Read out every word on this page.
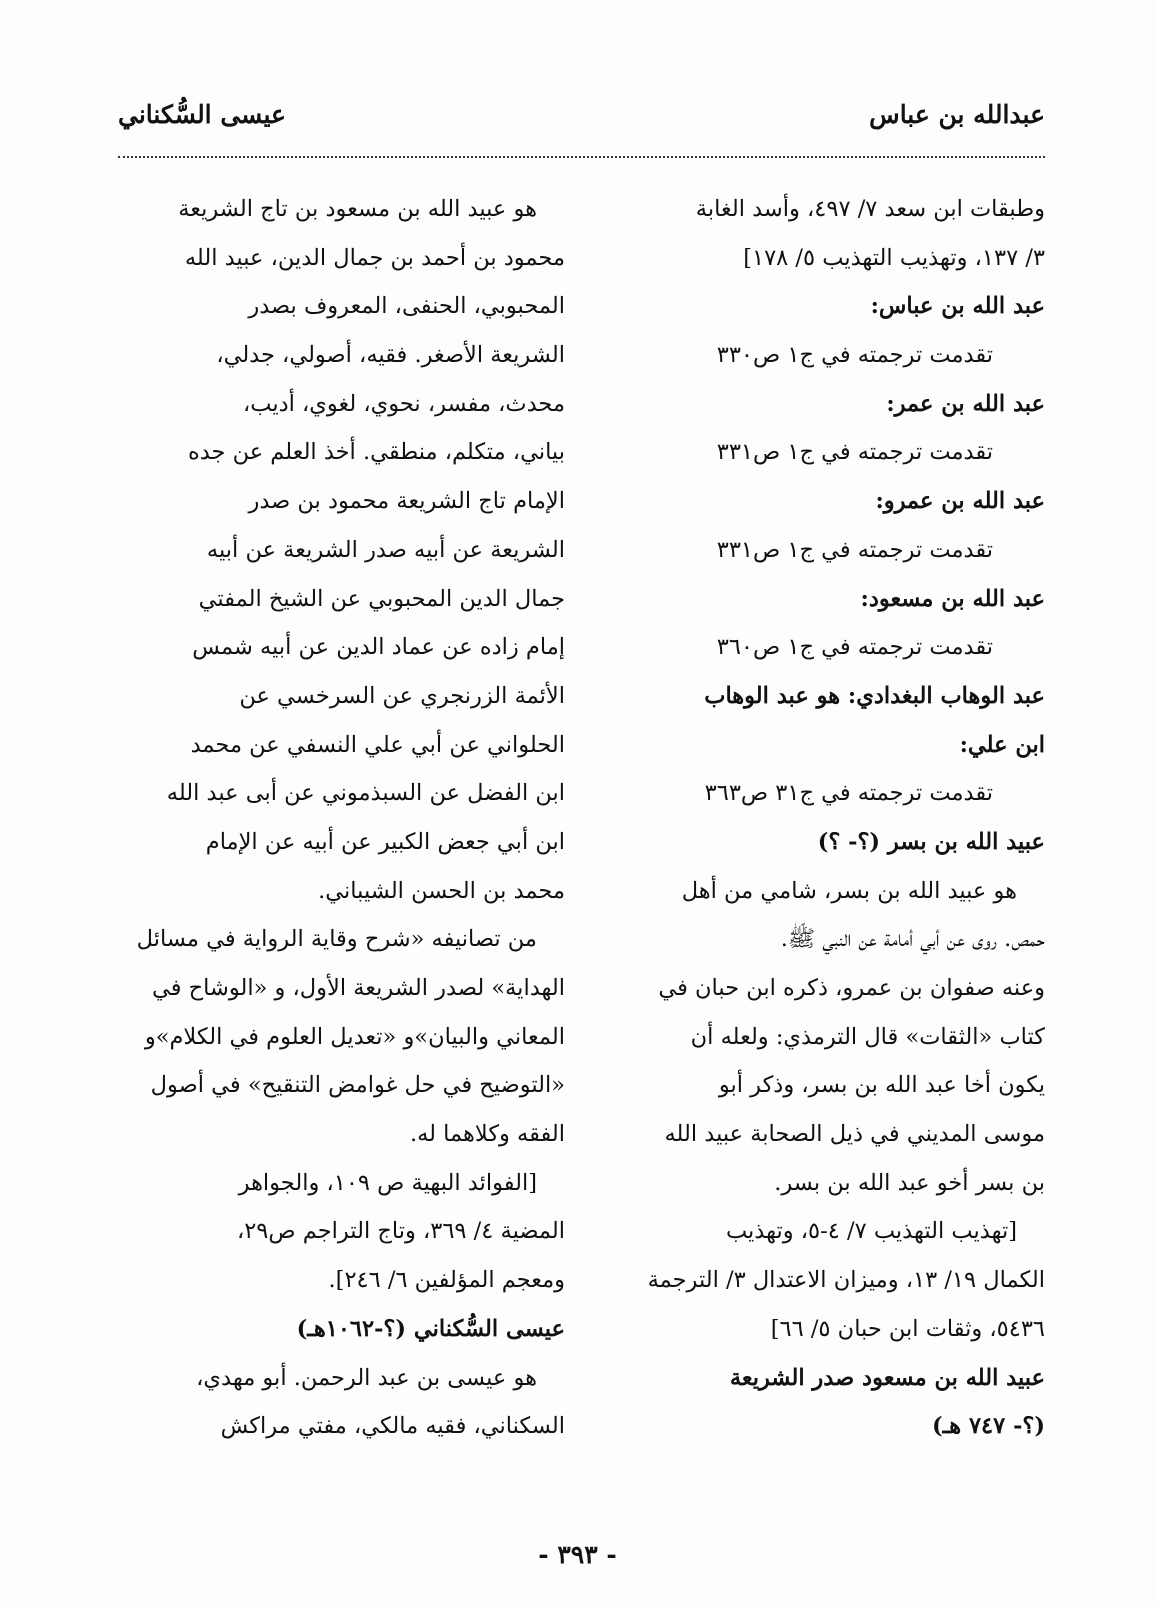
عبدالله بن عباس
عيسى السُّكناني
وطبقات ابن سعد ٧/ ٤٩٧، وأسد الغابة
٣/ ١٣٧، وتهذيب التهذيب ٥/ ١٧٨]
عبد الله بن عباس:
تقدمت ترجمته في ج١ ص٣٣٠
عبد الله بن عمر:
تقدمت ترجمته في ج١ ص٣٣١
عبد الله بن عمرو:
تقدمت ترجمته في ج١ ص٣٣١
عبد الله بن مسعود:
تقدمت ترجمته في ج١ ص٣٦٠
عبد الوهاب البغدادي: هو عبد الوهاب
ابن علي:
تقدمت ترجمته في ج٣١ ص٣٦٣
عبيد الله بن بسر (؟- ؟)
هو عبيد الله بن بسر، شامي من أهل
حمص. روى عن أبي أمامة عن النبي ﷺ.
وعنه صفوان بن عمرو، ذكره ابن حبان في
كتاب «الثقات» قال الترمذي: ولعله أن
يكون أخا عبد الله بن بسر، وذكر أبو
موسى المديني في ذيل الصحابة عبيد الله
بن بسر أخو عبد الله بن بسر.
[تهذيب التهذيب ٧/ ٤-٥، وتهذيب
الكمال ١٩/ ١٣، وميزان الاعتدال ٣/ الترجمة
٥٤٣٦، وثقات ابن حبان ٥/ ٦٦]
عبيد الله بن مسعود صدر الشريعة
(؟- ٧٤٧ هـ)
هو عبيد الله بن مسعود بن تاج الشريعة
محمود بن أحمد بن جمال الدين، عبيد الله
المحبوبي، الحنفى، المعروف بصدر
الشريعة الأصغر. فقيه، أصولي، جدلي،
محدث، مفسر، نحوي، لغوي، أديب،
بياني، متكلم، منطقي. أخذ العلم عن جده
الإمام تاج الشريعة محمود بن صدر
الشريعة عن أبيه صدر الشريعة عن أبيه
جمال الدين المحبوبي عن الشيخ المفتي
إمام زاده عن عماد الدين عن أبيه شمس
الأئمة الزرنجري عن السرخسي عن
الحلواني عن أبي علي النسفي عن محمد
ابن الفضل عن السبذموني عن أبى عبد الله
ابن أبي جعض الكبير عن أبيه عن الإمام
محمد بن الحسن الشيباني.
من تصانيفه «شرح وقاية الرواية في مسائل
الهداية» لصدر الشريعة الأول، و «الوشاح في
المعاني والبيان»و «تعديل العلوم في الكلام»و
«التوضيح في حل غوامض التنقيح» في أصول
الفقه وكلاهما له.
[الفوائد البهية ص ١٠٩، والجواهر
المضية ٤/ ٣٦٩، وتاج التراجم ص٢٩،
ومعجم المؤلفين ٦/ ٢٤٦].
عيسى السُّكناني (؟-١٠٦٢هـ)
هو عيسى بن عبد الرحمن. أبو مهدي،
السكناني، فقيه مالكي، مفتي مراكش
- ٣٩٣ -
